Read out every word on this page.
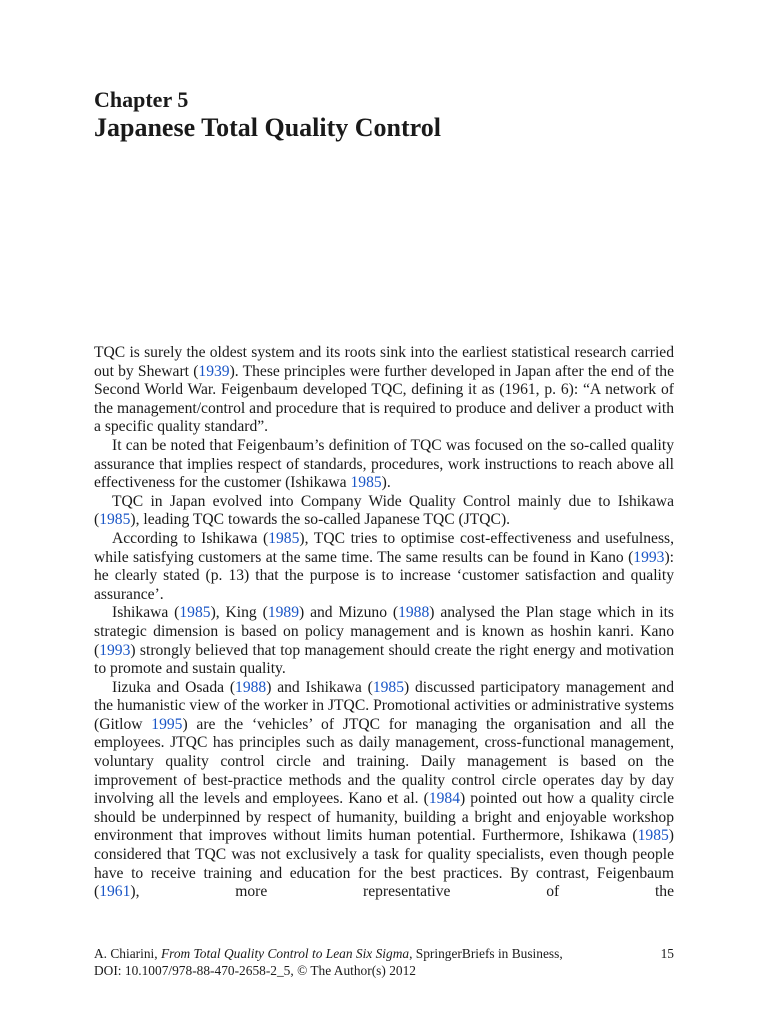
Chapter 5
Japanese Total Quality Control

TQC is surely the oldest system and its roots sink into the earliest statistical research carried out by Shewart (1939). These principles were further developed in Japan after the end of the Second World War. Feigenbaum developed TQC, defining it as (1961, p. 6): “A network of the management/control and procedure that is required to produce and deliver a product with a specific quality standard”.

It can be noted that Feigenbaum’s definition of TQC was focused on the so-called quality assurance that implies respect of standards, procedures, work instructions to reach above all effectiveness for the customer (Ishikawa 1985).

TQC in Japan evolved into Company Wide Quality Control mainly due to Ishikawa (1985), leading TQC towards the so-called Japanese TQC (JTQC).

According to Ishikawa (1985), TQC tries to optimise cost-effectiveness and usefulness, while satisfying customers at the same time. The same results can be found in Kano (1993): he clearly stated (p. 13) that the purpose is to increase ‘customer satisfaction and quality assurance’.

Ishikawa (1985), King (1989) and Mizuno (1988) analysed the Plan stage which in its strategic dimension is based on policy management and is known as hoshin kanri. Kano (1993) strongly believed that top management should create the right energy and motivation to promote and sustain quality.

Iizuka and Osada (1988) and Ishikawa (1985) discussed participatory management and the humanistic view of the worker in JTQC. Promotional activities or administrative systems (Gitlow 1995) are the ‘vehicles’ of JTQC for managing the organisation and all the employees. JTQC has principles such as daily management, cross-functional management, voluntary quality control circle and training. Daily management is based on the improvement of best-practice methods and the quality control circle operates day by day involving all the levels and employees. Kano et al. (1984) pointed out how a quality circle should be underpinned by respect of humanity, building a bright and enjoyable workshop environment that improves without limits human potential. Furthermore, Ishikawa (1985) considered that TQC was not exclusively a task for quality specialists, even though people have to receive training and education for the best practices. By contrast, Feigenbaum (1961), more representative of the

A. Chiarini, From Total Quality Control to Lean Six Sigma, SpringerBriefs in Business,	15
DOI: 10.1007/978-88-470-2658-2_5, © The Author(s) 2012
